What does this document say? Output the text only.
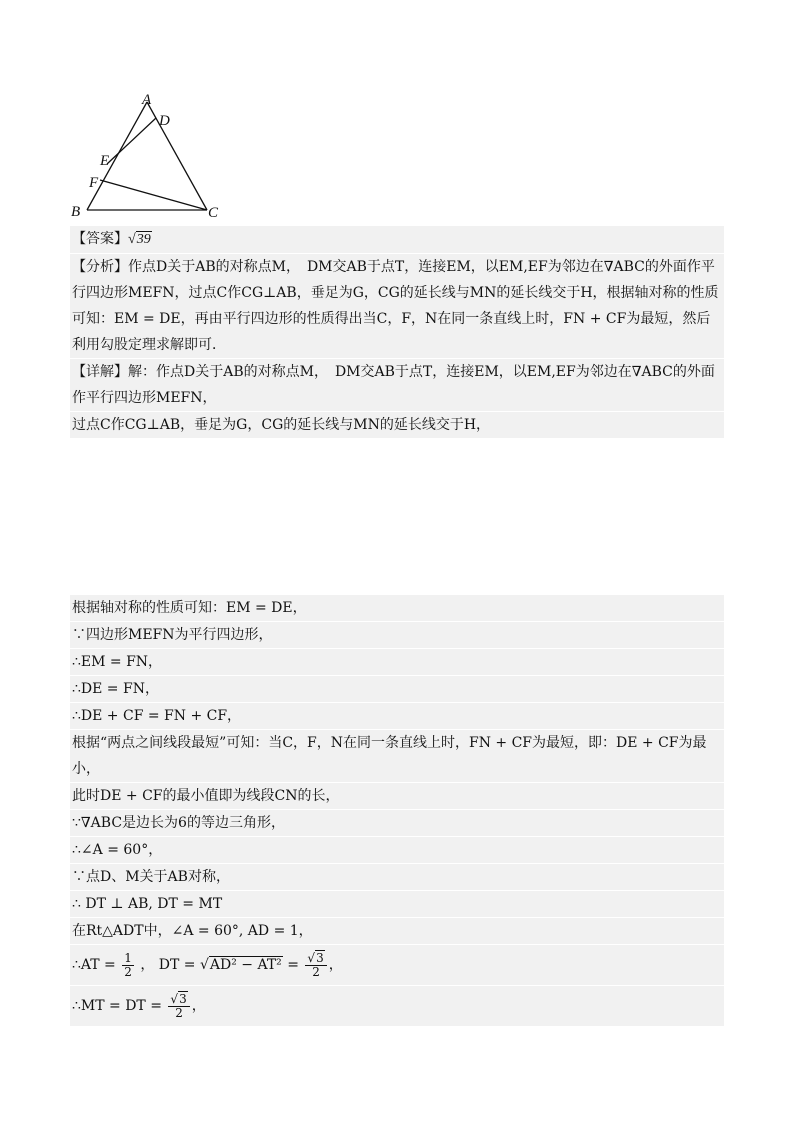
A
D
E
F
B	C
【答案】√39
【分析】作点D关于AB的对称点M，　DM交AB于点T，连接EM，以EM,EF为邻边在∇ABC的外面作平行四边形MEFN，过点C作CG⊥AB，垂足为G，CG的延长线与MN的延长线交于H，根据轴对称的性质可知：EM = DE，再由平行四边形的性质得出当C，F，N在同一条直线上时，FN + CF为最短，然后利用勾股定理求解即可．
【详解】解：作点D关于AB的对称点M，　DM交AB于点T，连接EM，以EM,EF为邻边在∇ABC的外面作平行四边形MEFN，
过点C作CG⊥AB，垂足为G，CG的延长线与MN的延长线交于H，
根据轴对称的性质可知：EM = DE，
∵四边形MEFN为平行四边形，
∴EM = FN，
∴DE = FN，
∴DE + CF = FN + CF，
根据“两点之间线段最短”可知：当C，F，N在同一条直线上时，FN + CF为最短，即：DE + CF为最小，
此时DE + CF的最小值即为线段CN的长，
∵∇ABC是边长为6的等边三角形，
∴∠A = 60°，
∵点D、M关于AB对称，
∴ DT ⊥ AB, DT = MT
在Rt△ADT中，∠A = 60°, AD = 1，
∴AT = $\frac{1}{2}$ ， DT = $√AD^2 - AT^2 = \frac{√3}{2}$ ，
∴MT = DT = $\frac{√3}{2}$ ，
